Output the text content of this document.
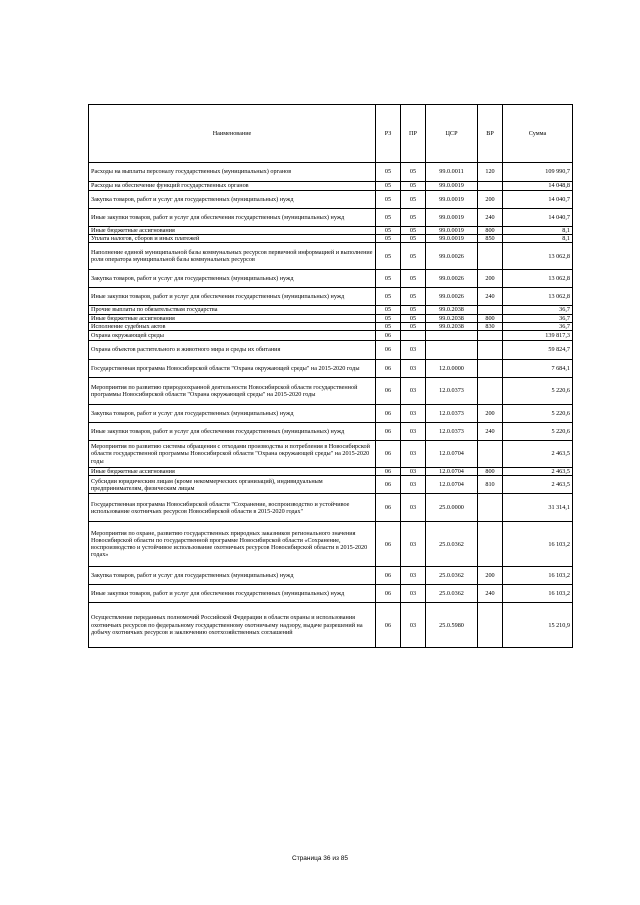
Наименование	РЗ	ПР	ЦСР	ВР	Сумма
Расходы на выплаты персоналу государственных (муниципальных) органов	05	05	99.0.0011	120	109 990,7
Расходы на обеспечение функций государственных органов	05	05	99.0.0019		14 048,8
Закупка товаров, работ и услуг для государственных (муниципальных) нужд	05	05	99.0.0019	200	14 040,7
Иные закупки товаров, работ и услуг для обеспечения государственных (муниципальных) нужд	05	05	99.0.0019	240	14 040,7
Иные бюджетные ассигнования	05	05	99.0.0019	800	8,1
Уплата налогов, сборов и иных платежей	05	05	99.0.0019	850	8,1
Наполнение единой муниципальной базы коммунальных ресурсов первичной информацией и выполнение роли оператора муниципальной базы коммунальных ресурсов	05	05	99.0.0026		13 062,8
Закупка товаров, работ и услуг для государственных (муниципальных) нужд	05	05	99.0.0026	200	13 062,8
Иные закупки товаров, работ и услуг для обеспечения государственных (муниципальных) нужд	05	05	99.0.0026	240	13 062,8
Прочие выплаты по обязательствам государства	05	05	99.0.2038		36,7
Иные бюджетные ассигнования	05	05	99.0.2038	800	36,7
Исполнение судебных актов	05	05	99.0.2038	830	36,7
Охрана окружающей среды	06				139 817,3
Охрана объектов растительного и животного мира и среды их обитания	06	03			59 824,7
Государственная программа Новосибирской области "Охрана окружающей среды" на 2015-2020 годы	06	03	12.0.0000		7 684,1
Мероприятия по развитию природоохранной деятельности Новосибирской области государственной программы Новосибирской области "Охрана окружающей среды" на 2015-2020 годы	06	03	12.0.0373		5 220,6
Закупка товаров, работ и услуг для государственных (муниципальных) нужд	06	03	12.0.0373	200	5 220,6
Иные закупки товаров, работ и услуг для обеспечения государственных (муниципальных) нужд	06	03	12.0.0373	240	5 220,6
Мероприятия по развитию системы обращения с отходами производства и потребления в Новосибирской области государственной программы Новосибирской области "Охрана окружающей среды" на 2015-2020 годы	06	03	12.0.0704		2 463,5
Иные бюджетные ассигнования	06	03	12.0.0704	800	2 463,5
Субсидии юридическим лицам (кроме некоммерческих организаций), индивидуальным предпринимателям, физическим лицам	06	03	12.0.0704	810	2 463,5
Государственная программа Новосибирской области "Сохранение, воспроизводство и устойчивое использование охотничьих ресурсов Новосибирской области в 2015-2020 годах"	06	03	25.0.0000		31 314,1
Мероприятия по охране, развитию государственных природных заказников регионального значения Новосибирской области по государственной программе Новосибирской области «Сохранение, воспроизводство и устойчивое использование охотничьих ресурсов Новосибирской области в 2015-2020 годах»	06	03	25.0.0362		16 103,2
Закупка товаров, работ и услуг для государственных (муниципальных) нужд	06	03	25.0.0362	200	16 103,2
Иные закупки товаров, работ и услуг для обеспечения государственных (муниципальных) нужд	06	03	25.0.0362	240	16 103,2
Осуществление переданных полномочий Российской Федерации в области охраны и использования охотничьих ресурсов по федеральному государственному охотничьему надзору, выдаче разрешений на добычу охотничьих ресурсов и заключению охотхозяйственных соглашений	06	03	25.0.5980		15 210,9
Страница 36 из 85
